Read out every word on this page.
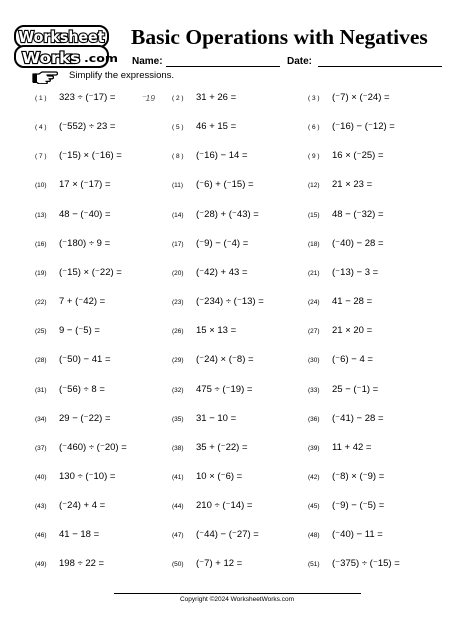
Worksheet
Works .com
Basic Operations with Negatives
Name:	Date:
Simplify the expressions.
( 1 ) 323 ÷ (⁻17) =	⁻19	( 2 ) 31 + 26 =	( 3 ) (⁻7) × (⁻24) =
( 4 ) (⁻552) ÷ 23 =	( 5 ) 46 + 15 =	( 6 ) (⁻16) − (⁻12) =
( 7 ) (⁻15) × (⁻16) =	( 8 ) (⁻16) − 14 =	( 9 ) 16 × (⁻25) =
(10) 17 × (⁻17) =	(11) (⁻6) + (⁻15) =	(12) 21 × 23 =
(13) 48 − (⁻40) =	(14) (⁻28) + (⁻43) =	(15) 48 − (⁻32) =
(16) (⁻180) ÷ 9 =	(17) (⁻9) − (⁻4) =	(18) (⁻40) − 28 =
(19) (⁻15) × (⁻22) =	(20) (⁻42) + 43 =	(21) (⁻13) − 3 =
(22) 7 + (⁻42) =	(23) (⁻234) ÷ (⁻13) =	(24) 41 − 28 =
(25) 9 − (⁻5) =	(26) 15 × 13 =	(27) 21 × 20 =
(28) (⁻50) − 41 =	(29) (⁻24) × (⁻8) =	(30) (⁻6) − 4 =
(31) (⁻56) ÷ 8 =	(32) 475 ÷ (⁻19) =	(33) 25 − (⁻1) =
(34) 29 − (⁻22) =	(35) 31 − 10 =	(36) (⁻41) − 28 =
(37) (⁻460) ÷ (⁻20) =	(38) 35 + (⁻22) =	(39) 11 + 42 =
(40) 130 ÷ (⁻10) =	(41) 10 × (⁻6) =	(42) (⁻8) × (⁻9) =
(43) (⁻24) + 4 =	(44) 210 ÷ (⁻14) =	(45) (⁻9) − (⁻5) =
(46) 41 − 18 =	(47) (⁻44) − (⁻27) =	(48) (⁻40) − 11 =
(49) 198 ÷ 22 =	(50) (⁻7) + 12 =	(51) (⁻375) ÷ (⁻15) =
Copyright ©2024 WorksheetWorks.com
